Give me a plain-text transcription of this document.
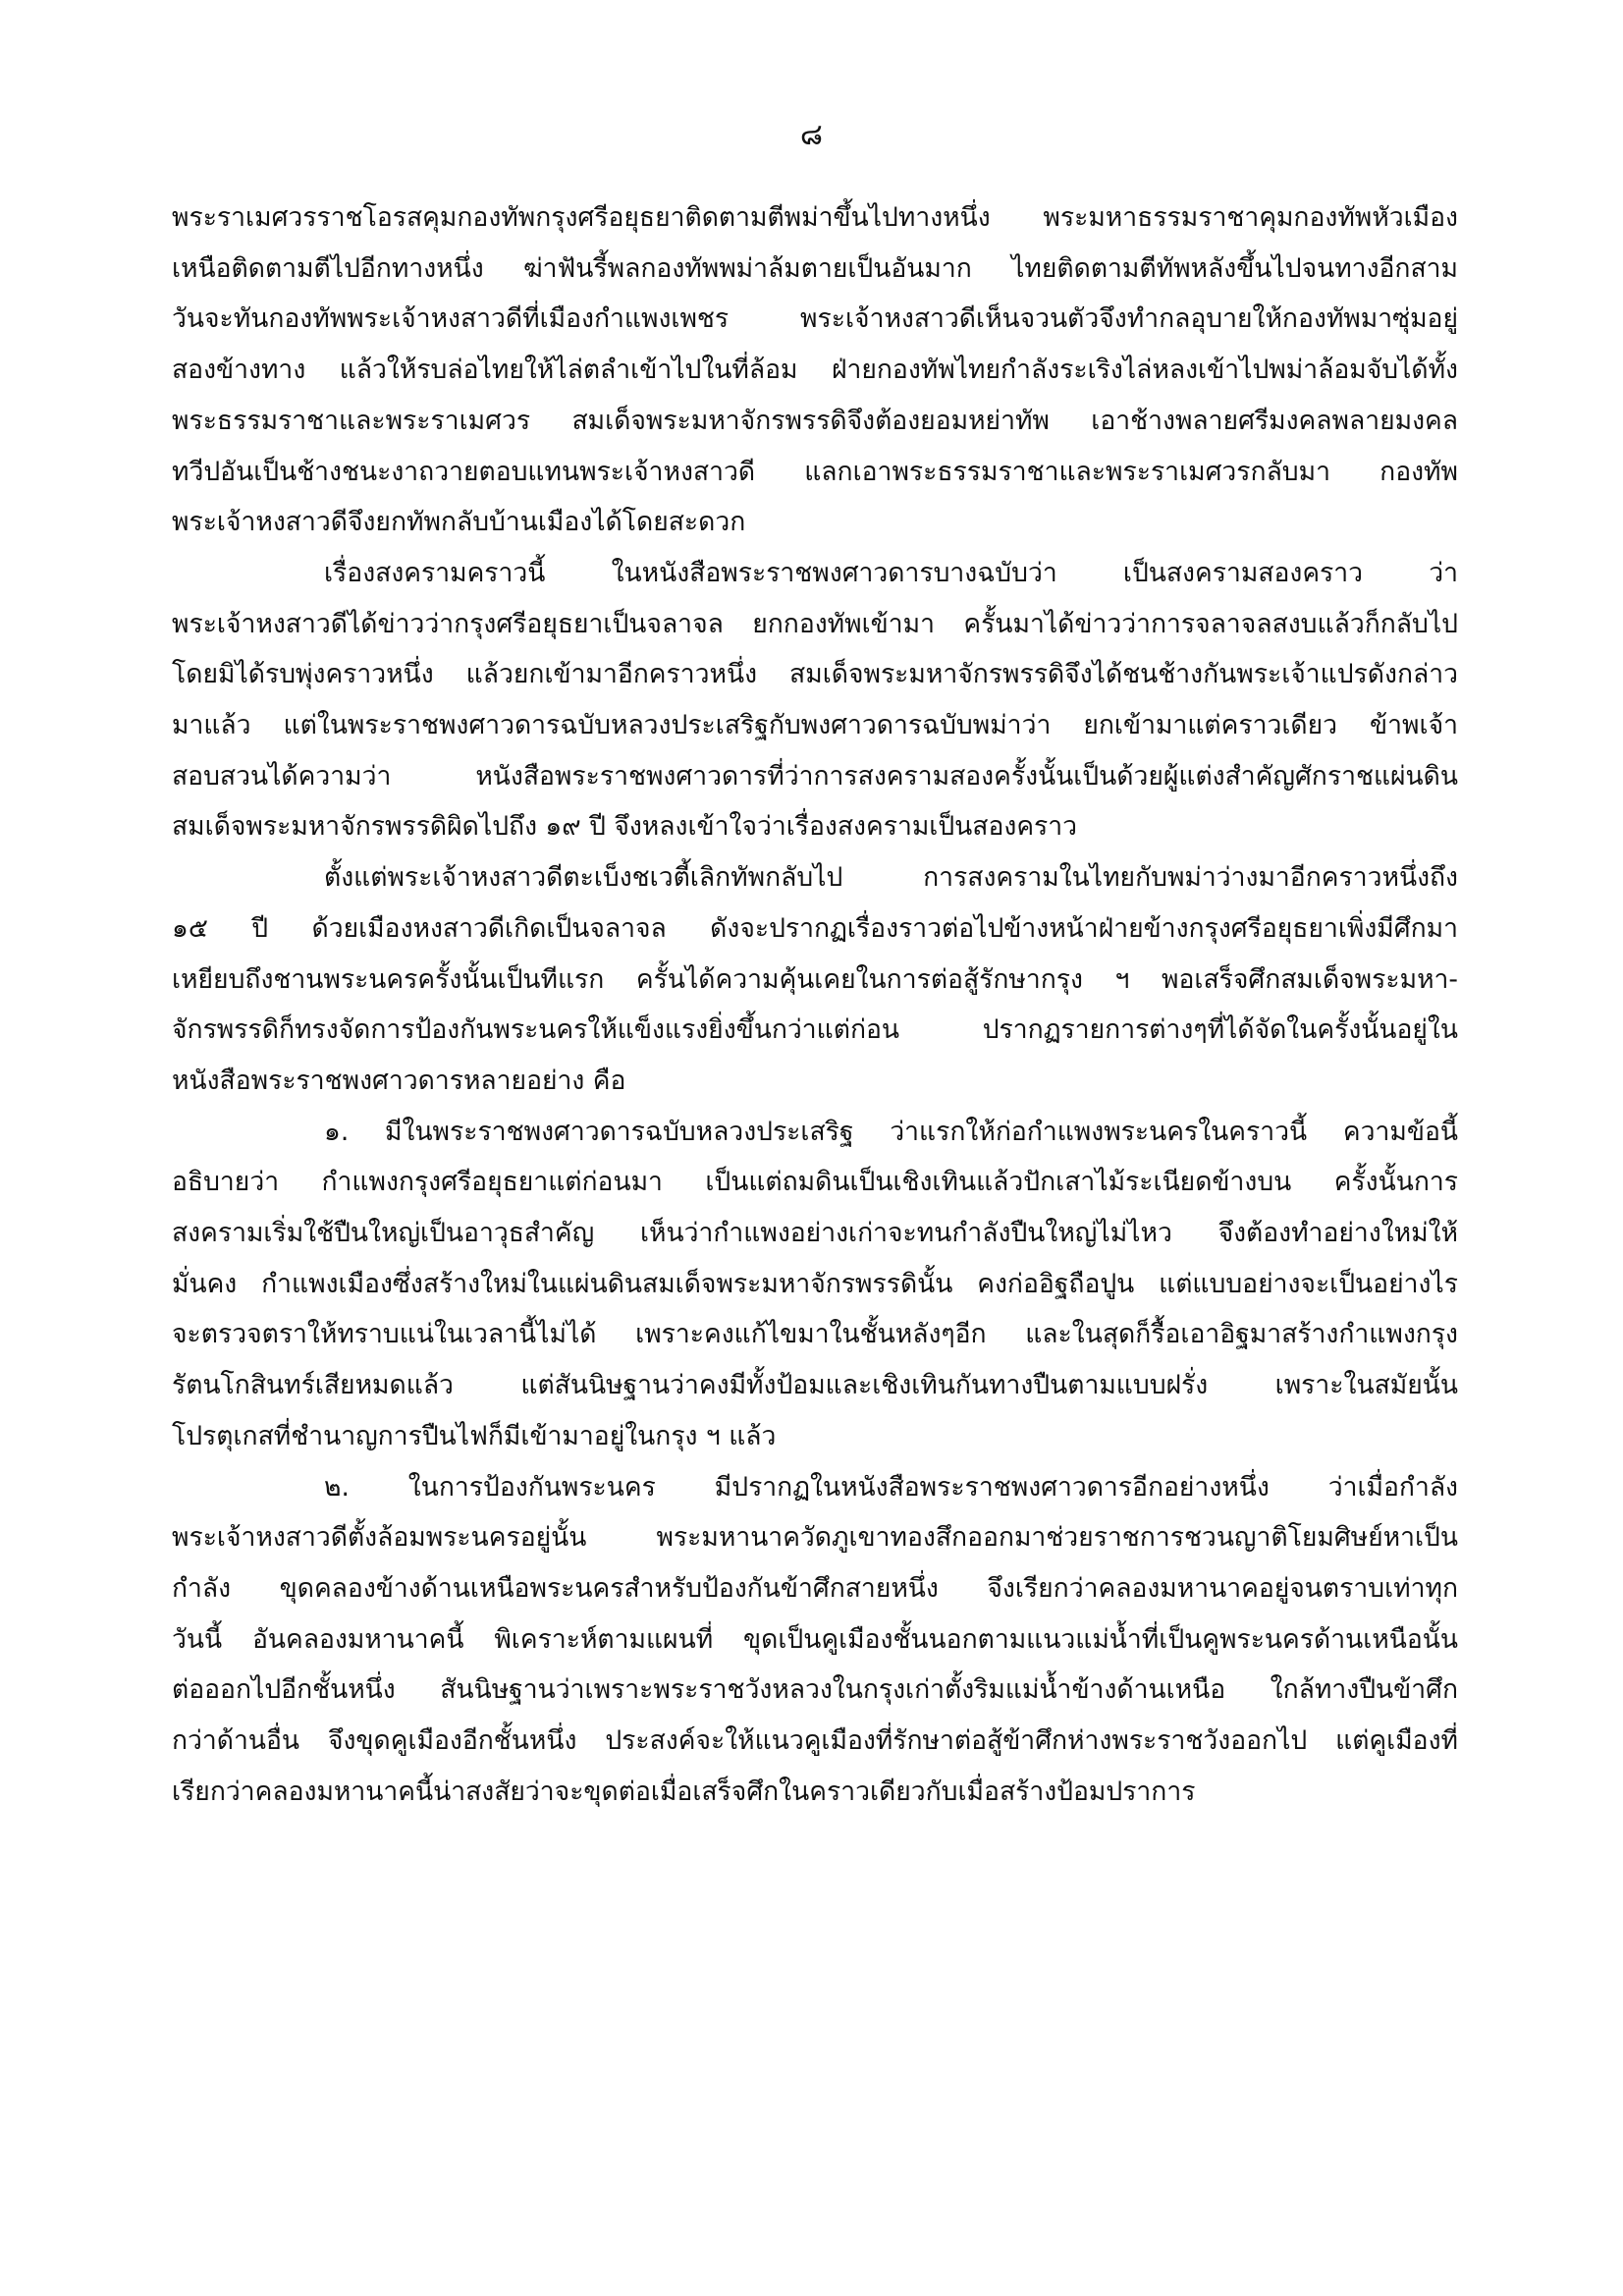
๘
พระราเมศวรราชโอรสคุมกองทัพกรุงศรีอยุธยาติดตามตีพม่าขึ้นไปทางหนึ่ง พระมหาธรรมราชาคุมกองทัพหัวเมือง
เหนือติดตามตีไปอีกทางหนึ่ง ฆ่าฟันรี้พลกองทัพพม่าล้มตายเป็นอันมาก ไทยติดตามตีทัพหลังขึ้นไปจนทางอีกสาม
วันจะทันกองทัพพระเจ้าหงสาวดีที่เมืองกำแพงเพชร พระเจ้าหงสาวดีเห็นจวนตัวจึงทำกลอุบายให้กองทัพมาซุ่มอยู่
สองข้างทาง แล้วให้รบล่อไทยให้ไล่ตลำเข้าไปในที่ล้อม ฝ่ายกองทัพไทยกำลังระเริงไล่หลงเข้าไปพม่าล้อมจับได้ทั้ง
พระธรรมราชาและพระราเมศวร สมเด็จพระมหาจักรพรรดิจึงต้องยอมหย่าทัพ เอาช้างพลายศรีมงคลพลายมงคล
ทวีปอันเป็นช้างชนะงาถวายตอบแทนพระเจ้าหงสาวดี แลกเอาพระธรรมราชาและพระราเมศวรกลับมา กองทัพ
พระเจ้าหงสาวดีจึงยกทัพกลับบ้านเมืองได้โดยสะดวก
เรื่องสงครามคราวนี้ ในหนังสือพระราชพงศาวดารบางฉบับว่า เป็นสงครามสองคราว ว่า
พระเจ้าหงสาวดีได้ข่าวว่ากรุงศรีอยุธยาเป็นจลาจล ยกกองทัพเข้ามา ครั้นมาได้ข่าวว่าการจลาจลสงบแล้วก็กลับไป
โดยมิได้รบพุ่งคราวหนึ่ง แล้วยกเข้ามาอีกคราวหนึ่ง สมเด็จพระมหาจักรพรรดิจึงได้ชนช้างกันพระเจ้าแปรดังกล่าว
มาแล้ว แต่ในพระราชพงศาวดารฉบับหลวงประเสริฐกับพงศาวดารฉบับพม่าว่า ยกเข้ามาแต่คราวเดียว ข้าพเจ้า
สอบสวนได้ความว่า หนังสือพระราชพงศาวดารที่ว่าการสงครามสองครั้งนั้นเป็นด้วยผู้แต่งสำคัญศักราชแผ่นดิน
สมเด็จพระมหาจักรพรรดิผิดไปถึง ๑๙ ปี จึงหลงเข้าใจว่าเรื่องสงครามเป็นสองคราว
ตั้งแต่พระเจ้าหงสาวดีตะเบ็งชเวตี้เลิกทัพกลับไป การสงครามในไทยกับพม่าว่างมาอีกคราวหนึ่งถึง
๑๕ ปี ด้วยเมืองหงสาวดีเกิดเป็นจลาจล ดังจะปรากฏเรื่องราวต่อไปข้างหน้าฝ่ายข้างกรุงศรีอยุธยาเพิ่งมีศึกมา
เหยียบถึงชานพระนครครั้งนั้นเป็นทีแรก ครั้นได้ความคุ้นเคยในการต่อสู้รักษากรุง ฯ พอเสร็จศึกสมเด็จพระมหา-
จักรพรรดิก็ทรงจัดการป้องกันพระนครให้แข็งแรงยิ่งขึ้นกว่าแต่ก่อน ปรากฏรายการต่างๆที่ได้จัดในครั้งนั้นอยู่ใน
หนังสือพระราชพงศาวดารหลายอย่าง คือ
๑. มีในพระราชพงศาวดารฉบับหลวงประเสริฐ ว่าแรกให้ก่อกำแพงพระนครในคราวนี้ ความข้อนี้
อธิบายว่า กำแพงกรุงศรีอยุธยาแต่ก่อนมา เป็นแต่ถมดินเป็นเชิงเทินแล้วปักเสาไม้ระเนียดข้างบน ครั้งนั้นการ
สงครามเริ่มใช้ปืนใหญ่เป็นอาวุธสำคัญ เห็นว่ากำแพงอย่างเก่าจะทนกำลังปืนใหญ่ไม่ไหว จึงต้องทำอย่างใหม่ให้
มั่นคง กำแพงเมืองซึ่งสร้างใหม่ในแผ่นดินสมเด็จพระมหาจักรพรรดินั้น คงก่ออิฐถือปูน แต่แบบอย่างจะเป็นอย่างไร
จะตรวจตราให้ทราบแน่ในเวลานี้ไม่ได้ เพราะคงแก้ไขมาในชั้นหลังๆอีก และในสุดก็รื้อเอาอิฐมาสร้างกำแพงกรุง
รัตนโกสินทร์เสียหมดแล้ว แต่สันนิษฐานว่าคงมีทั้งป้อมและเชิงเทินกันทางปืนตามแบบฝรั่ง เพราะในสมัยนั้น
โปรตุเกสที่ชำนาญการปืนไฟก็มีเข้ามาอยู่ในกรุง ฯ แล้ว
๒. ในการป้องกันพระนคร มีปรากฏในหนังสือพระราชพงศาวดารอีกอย่างหนึ่ง ว่าเมื่อกำลัง
พระเจ้าหงสาวดีตั้งล้อมพระนครอยู่นั้น พระมหานาควัดภูเขาทองสึกออกมาช่วยราชการชวนญาติโยมศิษย์หาเป็น
กำลัง ขุดคลองข้างด้านเหนือพระนครสำหรับป้องกันข้าศึกสายหนึ่ง จึงเรียกว่าคลองมหานาคอยู่จนตราบเท่าทุก
วันนี้ อันคลองมหานาคนี้ พิเคราะห์ตามแผนที่ ขุดเป็นคูเมืองชั้นนอกตามแนวแม่น้ำที่เป็นคูพระนครด้านเหนือนั้น
ต่อออกไปอีกชั้นหนึ่ง สันนิษฐานว่าเพราะพระราชวังหลวงในกรุงเก่าตั้งริมแม่น้ำข้างด้านเหนือ ใกล้ทางปืนข้าศึก
กว่าด้านอื่น จึงขุดคูเมืองอีกชั้นหนึ่ง ประสงค์จะให้แนวคูเมืองที่รักษาต่อสู้ข้าศึกห่างพระราชวังออกไป แต่คูเมืองที่
เรียกว่าคลองมหานาคนี้น่าสงสัยว่าจะขุดต่อเมื่อเสร็จศึกในคราวเดียวกับเมื่อสร้างป้อมปราการ
